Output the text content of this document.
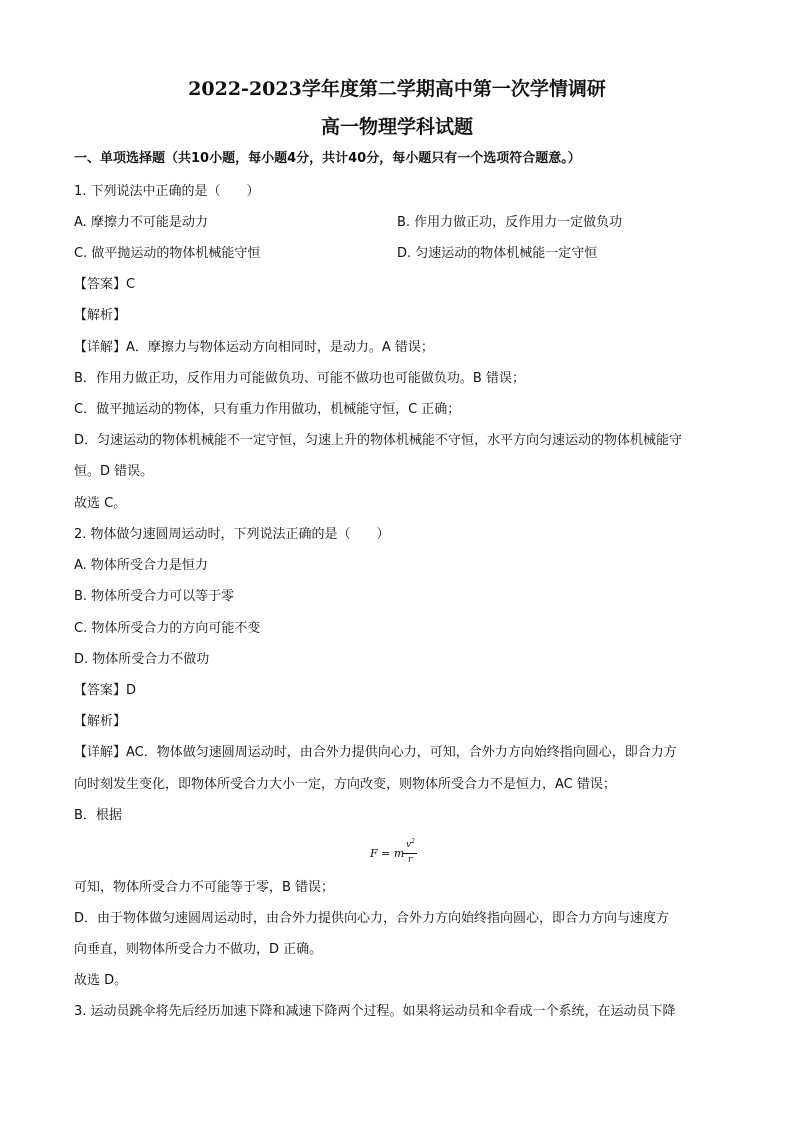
2022-2023学年度第二学期高中第一次学情调研
高一物理学科试题
一、单项选择题（共10小题，每小题4分，共计40分，每小题只有一个选项符合题意。）
1. 下列说法中正确的是（　　）
A. 摩擦力不可能是动力	B. 作用力做正功，反作用力一定做负功
C. 做平抛运动的物体机械能守恒	D. 匀速运动的物体机械能一定守恒
【答案】C
【解析】
【详解】A．摩擦力与物体运动方向相同时，是动力。A 错误；
B．作用力做正功，反作用力可能做负功、可能不做功也可能做负功。B 错误；
C．做平抛运动的物体，只有重力作用做功，机械能守恒，C 正确；
D．匀速运动的物体机械能不一定守恒，匀速上升的物体机械能不守恒，水平方向匀速运动的物体机械能守
恒。D 错误。
故选 C。
2. 物体做匀速圆周运动时，下列说法正确的是（　　）
A. 物体所受合力是恒力
B. 物体所受合力可以等于零
C. 物体所受合力的方向可能不变
D. 物体所受合力不做功
【答案】D
【解析】
【详解】AC．物体做匀速圆周运动时，由合外力提供向心力，可知，合外力方向始终指向圆心，即合力方
向时刻发生变化，即物体所受合力大小一定，方向改变，则物体所受合力不是恒力，AC 错误；
B．根据
F = m
$v^2$
r
可知，物体所受合力不可能等于零，B 错误；
D．由于物体做匀速圆周运动时，由合外力提供向心力，合外力方向始终指向圆心，即合力方向与速度方
向垂直，则物体所受合力不做功，D 正确。
故选 D。
3. 运动员跳伞将先后经历加速下降和减速下降两个过程。如果将运动员和伞看成一个系统，在运动员下降
